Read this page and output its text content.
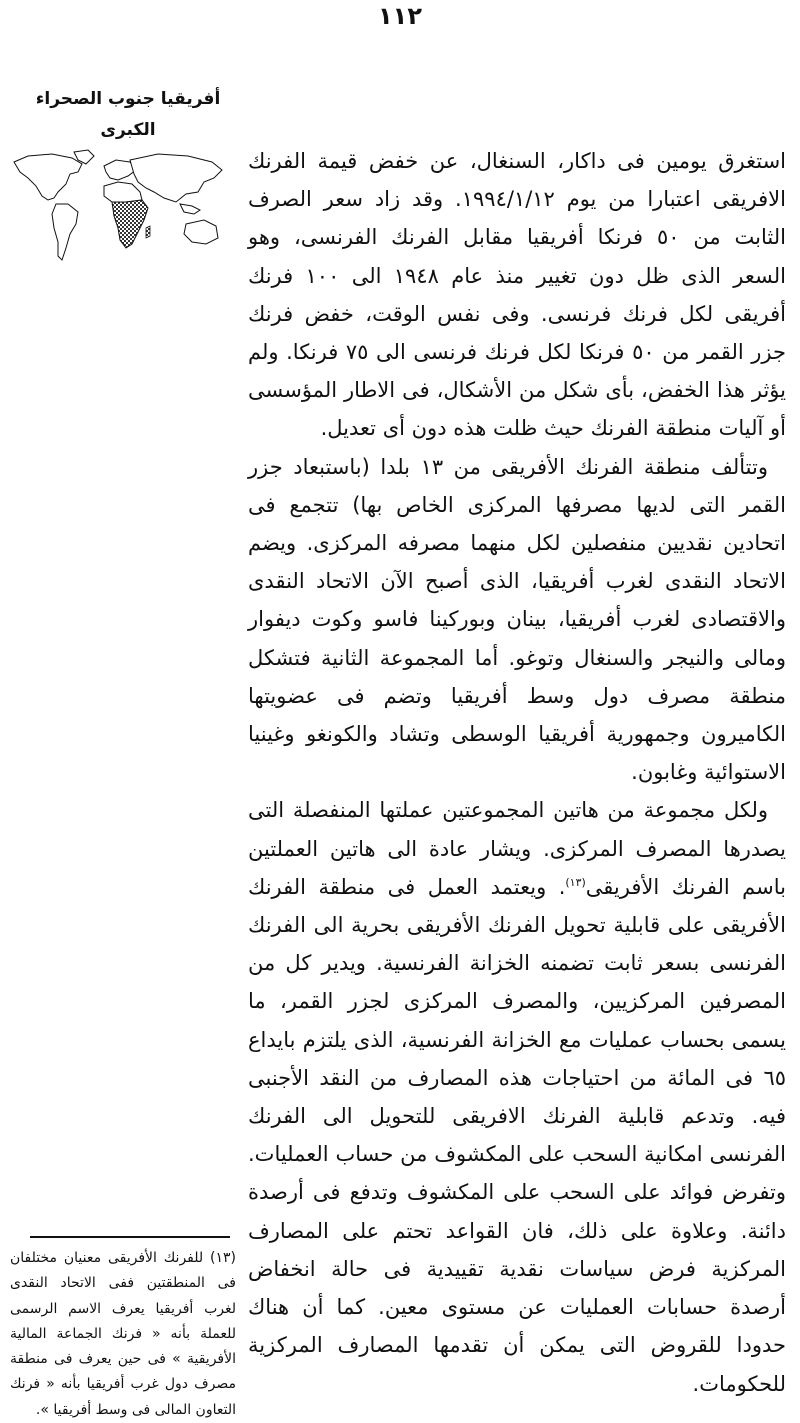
١١٢
أفريقيا جنوب الصحراء
الكبرى

استغرق يومين فى داكار، السنغال، عن خفض قيمة الفرنك الافريقى اعتبارا من يوم ١٩٩٤/١/١٢. وقد زاد سعر الصرف الثابت من ٥٠ فرنكا أفريقيا مقابل الفرنك الفرنسى، وهو السعر الذى ظل دون تغيير منذ عام ١٩٤٨ الى ١٠٠ فرنك أفريقى لكل فرنك فرنسى. وفى نفس الوقت، خفض فرنك جزر القمر من ٥٠ فرنكا لكل فرنك فرنسى الى ٧٥ فرنكا. ولم يؤثر هذا الخفض، بأى شكل من الأشكال، فى الاطار المؤسسى أو آليات منطقة الفرنك حيث ظلت هذه دون أى تعديل.

وتتألف منطقة الفرنك الأفريقى من ١٣ بلدا (باستبعاد جزر القمر التى لديها مصرفها المركزى الخاص بها) تتجمع فى اتحادين نقديين منفصلين لكل منهما مصرفه المركزى. ويضم الاتحاد النقدى لغرب أفريقيا، الذى أصبح الآن الاتحاد النقدى والاقتصادى لغرب أفريقيا، بينان وبوركينا فاسو وكوت ديفوار ومالى والنيجر والسنغال وتوغو. أما المجموعة الثانية فتشكل منطقة مصرف دول وسط أفريقيا وتضم فى عضويتها الكاميرون وجمهورية أفريقيا الوسطى وتشاد والكونغو وغينيا الاستوائية وغابون.

ولكل مجموعة من هاتين المجموعتين عملتها المنفصلة التى يصدرها المصرف المركزى. ويشار عادة الى هاتين العملتين باسم الفرنك الأفريقى$^{(١٣)}$. ويعتمد العمل فى منطقة الفرنك الأفريقى على قابلية تحويل الفرنك الأفريقى بحرية الى الفرنك الفرنسى بسعر ثابت تضمنه الخزانة الفرنسية. ويدير كل من المصرفين المركزيين، والمصرف المركزى لجزر القمر، ما يسمى بحساب عمليات مع الخزانة الفرنسية، الذى يلتزم بايداع ٦٥ فى المائة من احتياجات هذه المصارف من النقد الأجنبى فيه. وتدعم قابلية الفرنك الافريقى للتحويل الى الفرنك الفرنسى امكانية السحب على المكشوف من حساب العمليات. وتفرض فوائد على السحب على المكشوف وتدفع فى أرصدة دائنة. وعلاوة على ذلك، فان القواعد تحتم على المصارف المركزية فرض سياسات نقدية تقييدية فى حالة انخفاض أرصدة حسابات العمليات عن مستوى معين. كما أن هناك حدودا للقروض التى يمكن أن تقدمها المصارف المركزية للحكومات.

(١٣) للفرنك الأفريقى معنيان مختلفان فى المنطقتين ففى الاتحاد النقدى لغرب أفريقيا يعرف الاسم الرسمى للعملة بأنه « فرنك الجماعة المالية الأفريقية » فى حين يعرف فى منطقة مصرف دول غرب أفريقيا بأنه « فرنك التعاون المالى فى وسط أفريقيا ».
